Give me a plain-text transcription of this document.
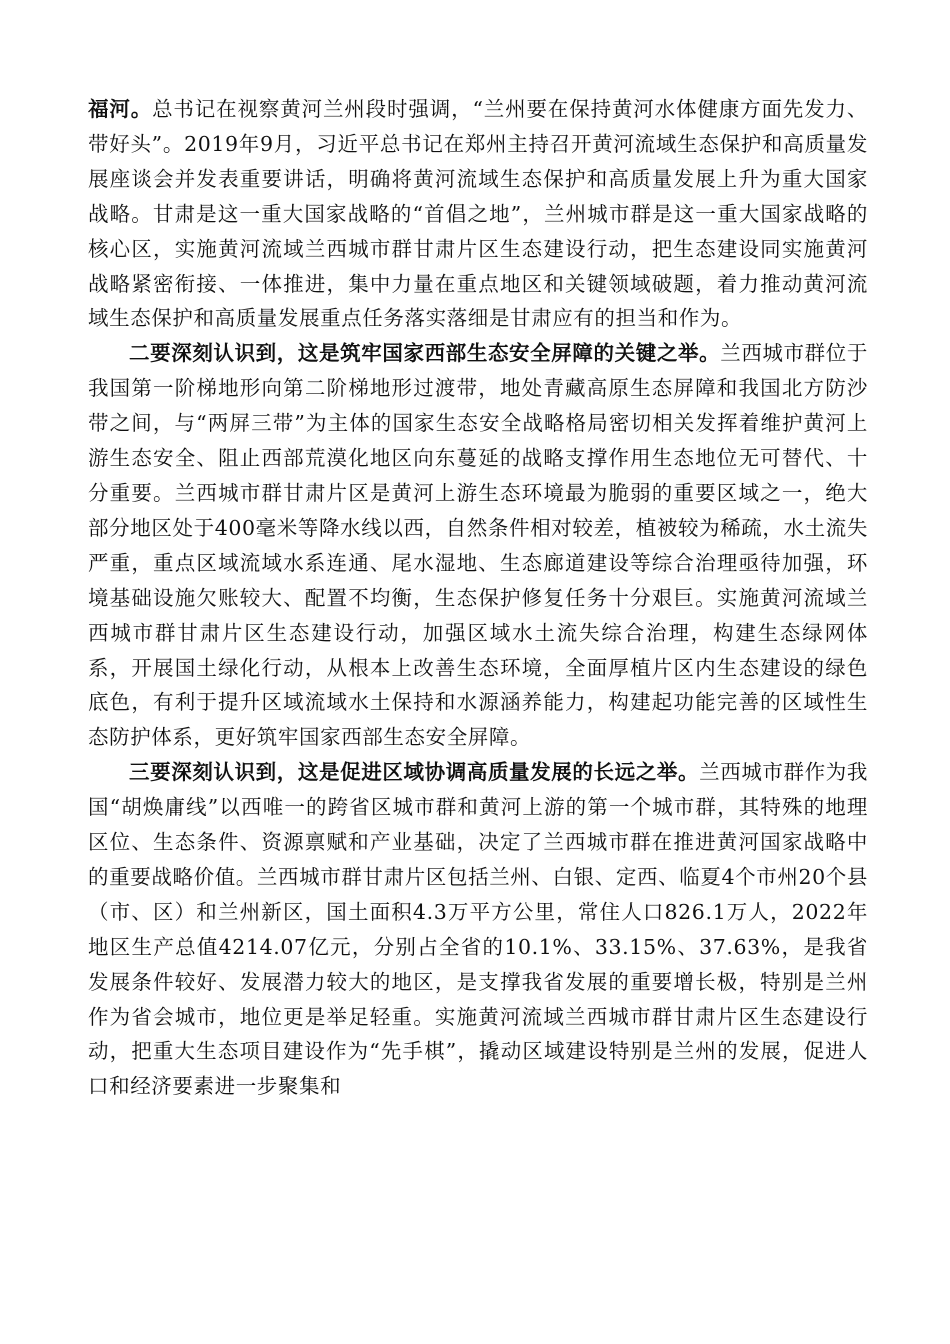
福河。总书记在视察黄河兰州段时强调，“兰州要在保持黄河水体健康方面先发力、带好头”。2019年9月，习近平总书记在郑州主持召开黄河流域生态保护和高质量发展座谈会并发表重要讲话，明确将黄河流域生态保护和高质量发展上升为重大国家战略。甘肃是这一重大国家战略的“首倡之地”，兰州城市群是这一重大国家战略的核心区，实施黄河流域兰西城市群甘肃片区生态建设行动，把生态建设同实施黄河战略紧密衔接、一体推进，集中力量在重点地区和关键领域破题，着力推动黄河流域生态保护和高质量发展重点任务落实落细是甘肃应有的担当和作为。

二要深刻认识到，这是筑牢国家西部生态安全屏障的关键之举。兰西城市群位于我国第一阶梯地形向第二阶梯地形过渡带，地处青藏高原生态屏障和我国北方防沙带之间，与“两屏三带”为主体的国家生态安全战略格局密切相关发挥着维护黄河上游生态安全、阻止西部荒漠化地区向东蔓延的战略支撑作用生态地位无可替代、十分重要。兰西城市群甘肃片区是黄河上游生态环境最为脆弱的重要区域之一，绝大部分地区处于400毫米等降水线以西，自然条件相对较差，植被较为稀疏，水土流失严重，重点区域流域水系连通、尾水湿地、生态廊道建设等综合治理亟待加强，环境基础设施欠账较大、配置不均衡，生态保护修复任务十分艰巨。实施黄河流域兰西城市群甘肃片区生态建设行动，加强区域水土流失综合治理，构建生态绿网体系，开展国土绿化行动，从根本上改善生态环境，全面厚植片区内生态建设的绿色底色，有利于提升区域流域水土保持和水源涵养能力，构建起功能完善的区域性生态防护体系，更好筑牢国家西部生态安全屏障。

三要深刻认识到，这是促进区域协调高质量发展的长远之举。兰西城市群作为我国“胡焕庸线”以西唯一的跨省区城市群和黄河上游的第一个城市群，其特殊的地理区位、生态条件、资源禀赋和产业基础，决定了兰西城市群在推进黄河国家战略中的重要战略价值。兰西城市群甘肃片区包括兰州、白银、定西、临夏4个市州20个县（市、区）和兰州新区，国土面积4.3万平方公里，常住人口826.1万人，2022年地区生产总值4214.07亿元，分别占全省的10.1%、33.15%、37.63%，是我省发展条件较好、发展潜力较大的地区，是支撑我省发展的重要增长极，特别是兰州作为省会城市，地位更是举足轻重。实施黄河流域兰西城市群甘肃片区生态建设行动，把重大生态项目建设作为“先手棋”，撬动区域建设特别是兰州的发展，促进人口和经济要素进一步聚集和
